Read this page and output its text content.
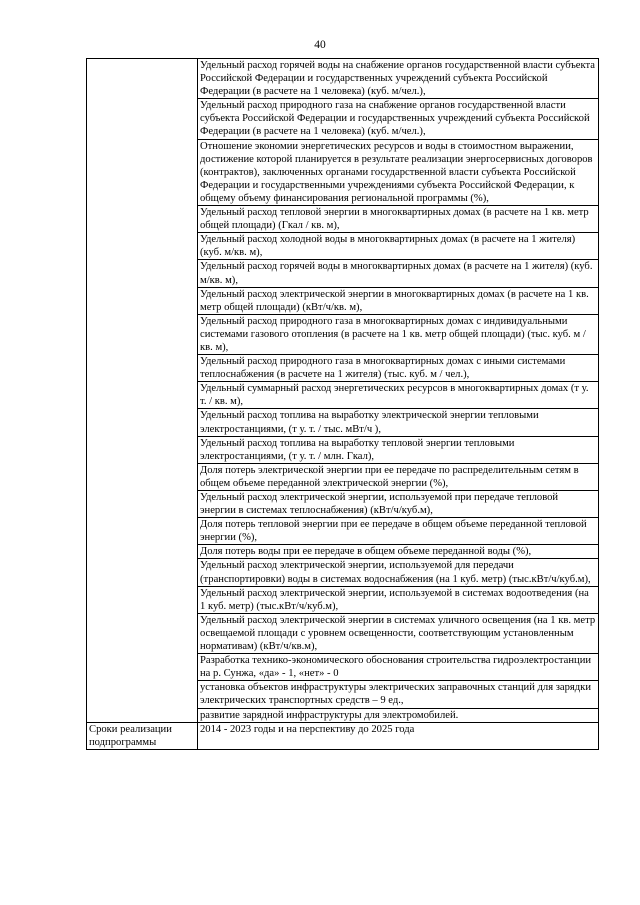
40
	Удельный расход горячей воды на снабжение органов государственной власти субъекта Российской Федерации и государственных учреждений субъекта Российской Федерации (в расчете на 1 человека) (куб. м/чел.),
	Удельный расход природного газа на снабжение органов государственной власти субъекта Российской Федерации и государственных учреждений субъекта Российской Федерации (в расчете на 1 человека) (куб. м/чел.),
	Отношение экономии энергетических ресурсов и воды в стоимостном выражении, достижение которой планируется в результате реализации энергосервисных договоров (контрактов), заключенных органами государственной власти субъекта Российской Федерации и государственными учреждениями субъекта Российской Федерации, к общему объему финансирования региональной программы (%),
	Удельный расход тепловой энергии в многоквартирных домах (в расчете на 1 кв. метр общей площади) (Гкал / кв. м),
	Удельный расход холодной воды в многоквартирных домах (в расчете на 1 жителя) (куб. м/кв. м),
	Удельный расход горячей воды в многоквартирных домах (в расчете на 1 жителя) (куб. м/кв. м),
	Удельный расход электрической энергии в многоквартирных домах (в расчете на 1 кв. метр общей площади) (кВт/ч/кв. м),
	Удельный расход природного газа в многоквартирных домах с индивидуальными системами газового отопления (в расчете на 1 кв. метр общей площади) (тыс. куб. м / кв. м),
	Удельный расход природного газа в многоквартирных домах с иными системами теплоснабжения (в расчете на 1 жителя) (тыс. куб. м / чел.),
	Удельный суммарный расход энергетических ресурсов в многоквартирных домах (т у. т. / кв. м),
	Удельный расход топлива на выработку электрической энергии тепловыми электростанциями, (т у. т. / тыс. мВт/ч ),
	Удельный расход топлива на выработку тепловой энергии тепловыми электростанциями, (т у. т. / млн. Гкал),
	Доля потерь электрической энергии при ее передаче по распределительным сетям в общем объеме переданной электрической энергии (%),
	Удельный расход электрической энергии, используемой при передаче тепловой энергии в системах теплоснабжения) (кВт/ч/куб.м),
	Доля потерь тепловой энергии при ее передаче в общем объеме переданной тепловой энергии (%),
	Доля потерь воды при ее передаче в общем объеме переданной воды (%),
	Удельный расход электрической энергии, используемой для передачи (транспортировки) воды в системах водоснабжения (на 1 куб. метр) (тыс.кВт/ч/куб.м),
	Удельный расход электрической энергии, используемой в системах водоотведения (на 1 куб. метр) (тыс.кВт/ч/куб.м),
	Удельный расход электрической энергии в системах уличного освещения (на 1 кв. метр освещаемой площади с уровнем освещенности, соответствующим установленным нормативам) (кВт/ч/кв.м),
	Разработка технико-экономического обоснования строительства гидроэлектростанции на р. Сунжа, «да» - 1, «нет» - 0
	установка объектов инфраструктуры электрических заправочных станций для зарядки электрических транспортных средств – 9 ед.,
	развитие зарядной инфраструктуры для электромобилей.
Сроки реализации подпрограммы	2014 - 2023 годы и на перспективу до 2025 года
